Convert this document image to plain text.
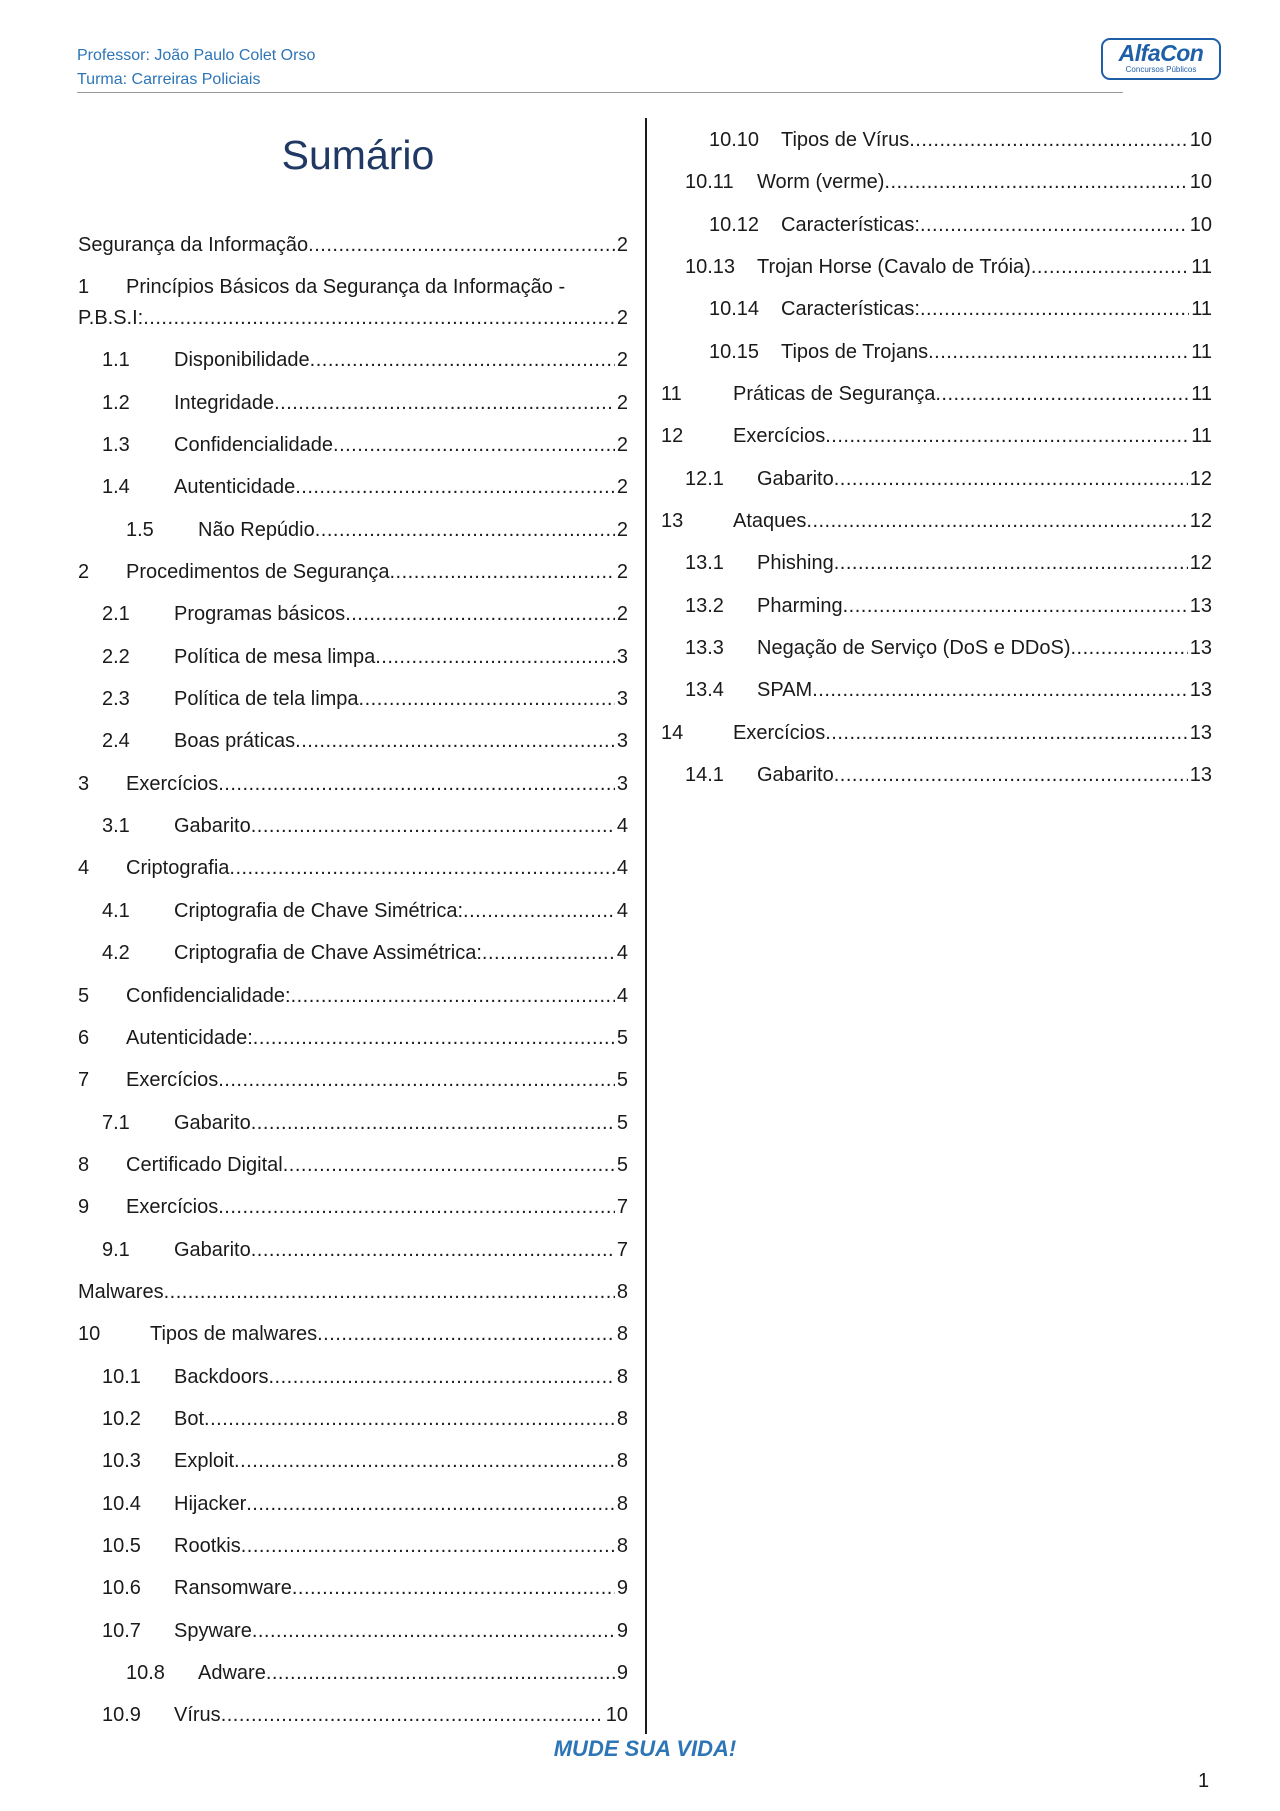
Professor: João Paulo Colet Orso
Turma: Carreiras Policiais
AlfaCon
Concursos Públicos
Sumário
Segurança da Informação .....	2
1	Princípios Básicos da Segurança da Informação -
P.B.S.I: .....	2
1.1	Disponibilidade .....	2
1.2	Integridade .....	2
1.3	Confidencialidade .....	2
1.4	Autenticidade .....	2
1.5	Não Repúdio .....	2
2	Procedimentos de Segurança .....	2
2.1	Programas básicos .....	2
2.2	Política de mesa limpa .....	3
2.3	Política de tela limpa .....	3
2.4	Boas práticas .....	3
3	Exercícios .....	3
3.1	Gabarito .....	4
4	Criptografia .....	4
4.1	Criptografia de Chave Simétrica: .....	4
4.2	Criptografia de Chave Assimétrica: .....	4
5	Confidencialidade: .....	4
6	Autenticidade: .....	5
7	Exercícios .....	5
7.1	Gabarito .....	5
8	Certificado Digital .....	5
9	Exercícios .....	7
9.1	Gabarito .....	7
Malwares .....	8
10	Tipos de malwares .....	8
10.1	Backdoors .....	8
10.2	Bot .....	8
10.3	Exploit .....	8
10.4	Hijacker .....	8
10.5	Rootkis .....	8
10.6	Ransomware .....	9
10.7	Spyware .....	9
10.8	Adware .....	9
10.9	Vírus .....	10
10.10	Tipos de Vírus .....	10
10.11	Worm (verme) .....	10
10.12	Características: .....	10
10.13	Trojan Horse (Cavalo de Tróia) .....	11
10.14	Características: .....	11
10.15	Tipos de Trojans .....	11
11	Práticas de Segurança .....	11
12	Exercícios .....	11
12.1	Gabarito .....	12
13	Ataques .....	12
13.1	Phishing .....	12
13.2	Pharming .....	13
13.3	Negação de Serviço (DoS e DDoS) .....	13
13.4	SPAM .....	13
14	Exercícios .....	13
14.1	Gabarito .....	13
MUDE SUA VIDA!
1
